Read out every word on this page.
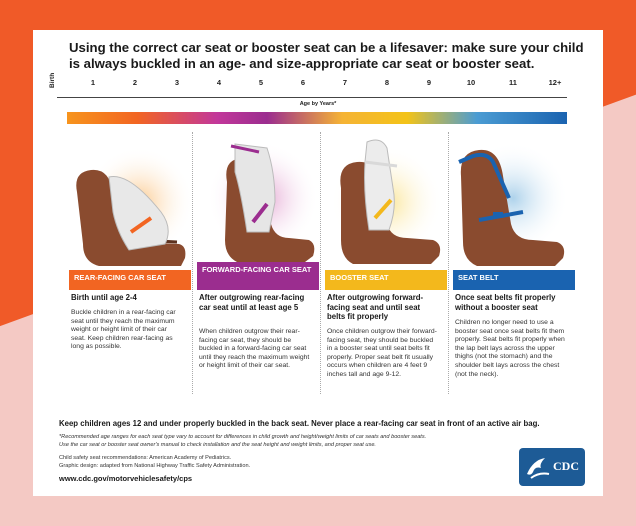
Using the correct car seat or booster seat can be a lifesaver: make sure your child is always buckled in an age- and size-appropriate car seat or booster seat.
Birth	1	2	3	4	5	6	7	8	9	10	11	12+
Age by Years*
REAR-FACING CAR SEAT
Birth until age 2-4
Buckle children in a rear-facing car seat until they reach the maximum weight or height limit of their car seat. Keep children rear-facing as long as possible.
FORWARD-FACING CAR SEAT
After outgrowing rear-facing car seat until at least age 5
When children outgrow their rear-facing car seat, they should be buckled in a forward-facing car seat until they reach the maximum weight or height limit of their car seat.
BOOSTER SEAT
After outgrowing forward-facing seat and until seat belts fit properly
Once children outgrow their forward-facing seat, they should be buckled in a booster seat until seat belts fit properly. Proper seat belt fit usually occurs when children are 4 feet 9 inches tall and age 9-12.
SEAT BELT
Once seat belts fit properly without a booster seat
Children no longer need to use a booster seat once seat belts fit them properly. Seat belts fit properly when the lap belt lays across the upper thighs (not the stomach) and the shoulder belt lays across the chest (not the neck).
Keep children ages 12 and under properly buckled in the back seat. Never place a rear-facing car seat in front of an active air bag.
*Recommended age ranges for each seat type vary to account for differences in child growth and height/weight limits of car seats and booster seats.
Use the car seat or booster seat owner's manual to check installation and the seat height and weight limits, and proper seat use.
Child safety seat recommendations: American Academy of Pediatrics.
Graphic design: adapted from National Highway Traffic Safety Administration.
www.cdc.gov/motorvehiclesafety/cps
CDC
